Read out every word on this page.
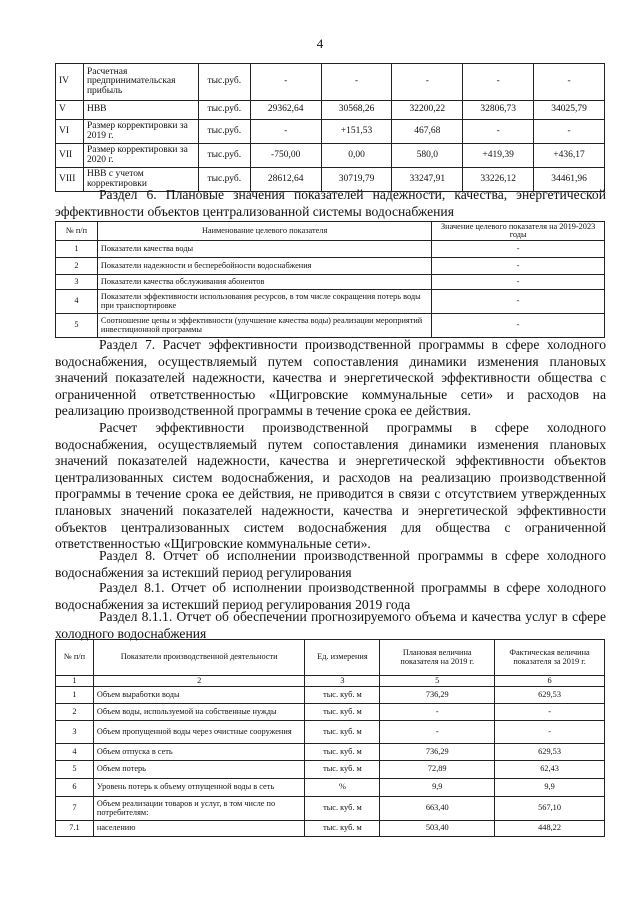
4
IV	Расчетная предпринимательская прибыль	тыс.руб.	-	-	-	-	-
V	НВВ	тыс.руб.	29362,64	30568,26	32200,22	32806,73	34025,79
VI	Размер корректировки за 2019 г.	тыс.руб.	-	+151,53	467,68	-	-
VII	Размер корректировки за 2020 г.	тыс.руб.	-750,00	0,00	580,0	+419,39	+436,17
VIII	НВВ с учетом корректировки	тыс.руб.	28612,64	30719,79	33247,91	33226,12	34461,96

Раздел 6. Плановые значения показателей надежности, качества, энергетической эффективности объектов централизованной системы водоснабжения

№ п/п	Наименование целевого показателя	Значение целевого показателя на 2019-2023 годы
1	Показатели качества воды	-
2	Показатели надежности и бесперебойности водоснабжения	-
3	Показатели качества обслуживания абонентов	-
4	Показатели эффективности использования ресурсов, в том числе сокращения потерь воды при транспортировке	-
5	Соотношение цены и эффективности (улучшение качества воды) реализации мероприятий инвестиционной программы	-

Раздел 7. Расчет эффективности производственной программы в сфере холодного водоснабжения, осуществляемый путем сопоставления динамики изменения плановых значений показателей надежности, качества и энергетической эффективности общества с ограниченной ответственностью «Щигровские коммунальные сети» и расходов на реализацию производственной программы в течение срока ее действия.

Расчет эффективности производственной программы в сфере холодного водоснабжения, осуществляемый путем сопоставления динамики изменения плановых значений показателей надежности, качества и энергетической эффективности объектов централизованных систем водоснабжения, и расходов на реализацию производственной программы в течение срока ее действия, не приводится в связи с отсутствием утвержденных плановых значений показателей надежности, качества и энергетической эффективности объектов централизованных систем водоснабжения для общества с ограниченной ответственностью «Щигровские коммунальные сети».

Раздел 8. Отчет об исполнении производственной программы в сфере холодного водоснабжения за истекший период регулирования

Раздел 8.1. Отчет об исполнении производственной программы в сфере холодного водоснабжения за истекший период регулирования 2019 года

Раздел 8.1.1. Отчет об обеспечении прогнозируемого объема и качества услуг в сфере холодного водоснабжения

№ п/п	Показатели производственной деятельности	Ед. измерения	Плановая величина показателя на 2019 г.	Фактическая величина показателя за 2019 г.
1	2	3	5	6
1	Объем выработки воды	тыс. куб. м	736,29	629,53
2	Объем воды, используемой на собственные нужды	тыс. куб. м	-	-
3	Объем пропущенной воды через очистные сооружения	тыс. куб. м	-	-
4	Объем отпуска в сеть	тыс. куб. м	736,29	629,53
5	Объем потерь	тыс. куб. м	72,89	62,43
6	Уровень потерь к объему отпущенной воды в сеть	%	9,9	9,9
7	Объем реализации товаров и услуг, в том числе по потребителям:	тыс. куб. м	663,40	567,10
7.1	населению	тыс. куб. м	503,40	448,22
